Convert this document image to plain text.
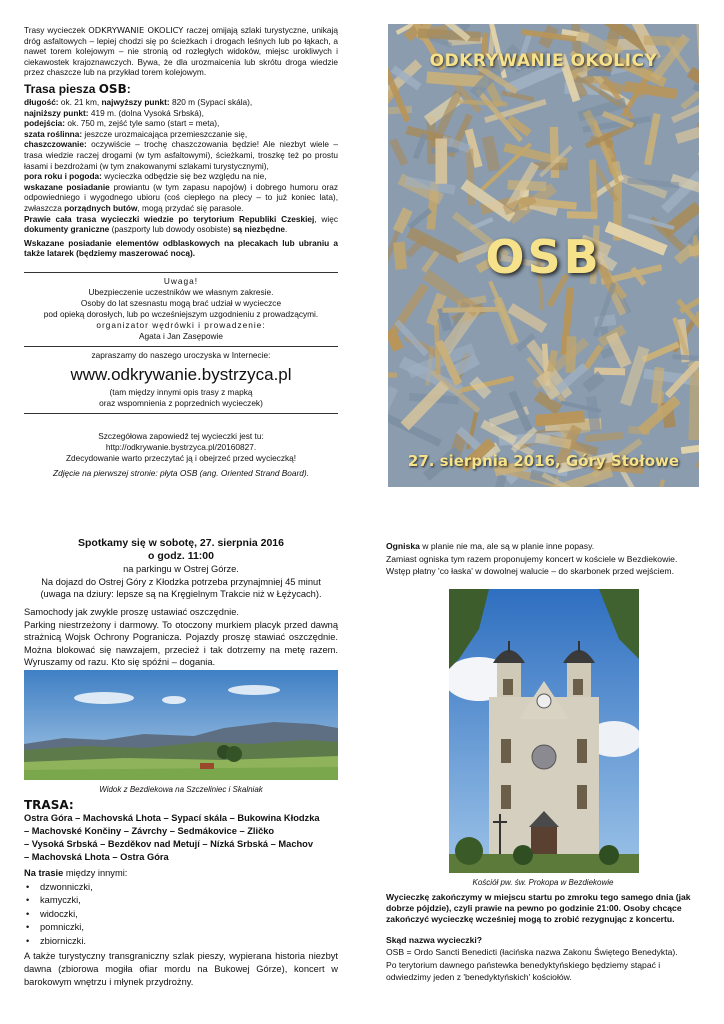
Trasy wycieczek ODKRYWANIE OKOLICY raczej omijają szlaki turystyczne, unikają dróg asfaltowych – lepiej chodzi się po ścieżkach i drogach leśnych lub po łąkach, a nawet torem kolejowym – nie stronią od rozległych widoków, miejsc urokliwych i ciekawostek krajoznawczych. Bywa, że dla urozmaicenia lub skrótu droga wiedzie przez chaszcze lub na przykład torem kolejowym.
Trasa piesza OSB:
długość: ok. 21 km, najwyższy punkt: 820 m (Sypací skála),
najniższy punkt: 419 m. (dolna Vysoká Srbská),
podejścia: ok. 750 m, zejść tyle samo (start = meta),
szata roślinna: jeszcze urozmaicająca przemieszczanie się,
chaszczowanie: oczywiście – trochę chaszczowania będzie! Ale niezbyt wiele – trasa wiedzie raczej drogami (w tym asfaltowymi), ścieżkami, troszkę też po prostu łasami i bezdrożami (w tym znakowanymi szlakami turystycznymi),
pora roku i pogoda: wycieczka odbędzie się bez względu na nie,
wskazane posiadanie prowiantu (w tym zapasu napojów) i dobrego humoru oraz odpowiedniego i wygodnego ubioru (coś ciepłego na plecy – to już koniec lata), zwłaszcza porządnych butów, mogą przydać się parasole.
Prawie cała trasa wycieczki wiedzie po terytorium Republiki Czeskiej, więc dokumenty graniczne (paszporty lub dowody osobiste) są niezbędne.
Wskazane posiadanie elementów odblaskowych na plecakach lub ubraniu a także latarek (będziemy maszerować nocą).
Uwaga!
Ubezpieczenie uczestników we własnym zakresie.
Osoby do lat szesnastu mogą brać udział w wycieczce
pod opieką dorosłych, lub po wcześniejszym uzgodnieniu z prowadzącymi.
organizator wędrówki i prowadzenie:
Agata i Jan Zasępowie
zapraszamy do naszego uroczyska w Internecie:
www.odkrywanie.bystrzyca.pl
(tam między innymi opis trasy z mapką
oraz wspomnienia z poprzednich wycieczek)
Szczegółowa zapowiedź tej wycieczki jest tu: http://odkrywanie.bystrzyca.pl/20160827.
Zdecydowanie warto przeczytać ją i obejrzeć przed wycieczką!
Zdjęcie na pierwszej stronie: płyta OSB (ang. Oriented Strand Board).
ODKRYWANIE OKOLICY
OSB
27. sierpnia 2016, Góry Stołowe
Spotkamy się w sobotę, 27. sierpnia 2016
o godz. 11:00
na parkingu w Ostrej Górze.
Na dojazd do Ostrej Góry z Kłodzka potrzeba przynajmniej 45 minut
(uwaga na dziury: lepsze są na Kręgielnym Trakcie niż w Łężycach).
Samochody jak zwykle proszę ustawiać oszczędnie.
Parking niestrzeżony i darmowy. To otoczony murkiem placyk przed dawną strażnicą Wojsk Ochrony Pogranicza. Pojazdy proszę stawiać oszczędnie. Można blokować się nawzajem, przecież i tak dotrzemy na metę razem. Wyruszamy od razu. Kto się spóźni – dogania.
Widok z Bezdiekowa na Szczeliniec i Skalniak
TRASA:
Ostra Góra – Machovská Lhota – Sypací skála – Bukowina Kłodzka
– Machovské Končiny – Závrchy – Sedmákovice – Zličko
– Vysoká Srbská – Bezděkov nad Metují – Nízká Srbská – Machov
– Machovská Lhota – Ostra Góra
Na trasie między innymi:
• dzwonniczki,
• kamyczki,
• widoczki,
• pomniczki,
• zbiorniczki.
A także turystyczny transgraniczny szlak pieszy, wypierana historia niezbyt dawna (zbiorowa mogiła ofiar mordu na Bukowej Górze), koncert w barokowym wnętrzu i młynek przydrożny.
Ogniska w planie nie ma, ale są w planie inne popasy.
Zamiast ogniska tym razem proponujemy koncert w kościele w Bezdiekowie. Wstęp płatny 'co łaska' w dowolnej walucie – do skarbonek przed wejściem.
Kościół pw. św. Prokopa w Bezdiekowie
Wycieczkę zakończymy w miejscu startu po zmroku tego samego dnia (jak dobrze pójdzie), czyli prawie na pewno po godzinie 21:00. Osoby chcące zakończyć wycieczkę wcześniej mogą to zrobić rezygnując z koncertu.
Skąd nazwa wycieczki?
OSB = Ordo Sancti Benedicti (łacińska nazwa Zakonu Świętego Benedykta).
Po terytorium dawnego państewka benedyktyńskiego będziemy stąpać i odwiedzimy jeden z 'benedyktyńskich' kościołów.
